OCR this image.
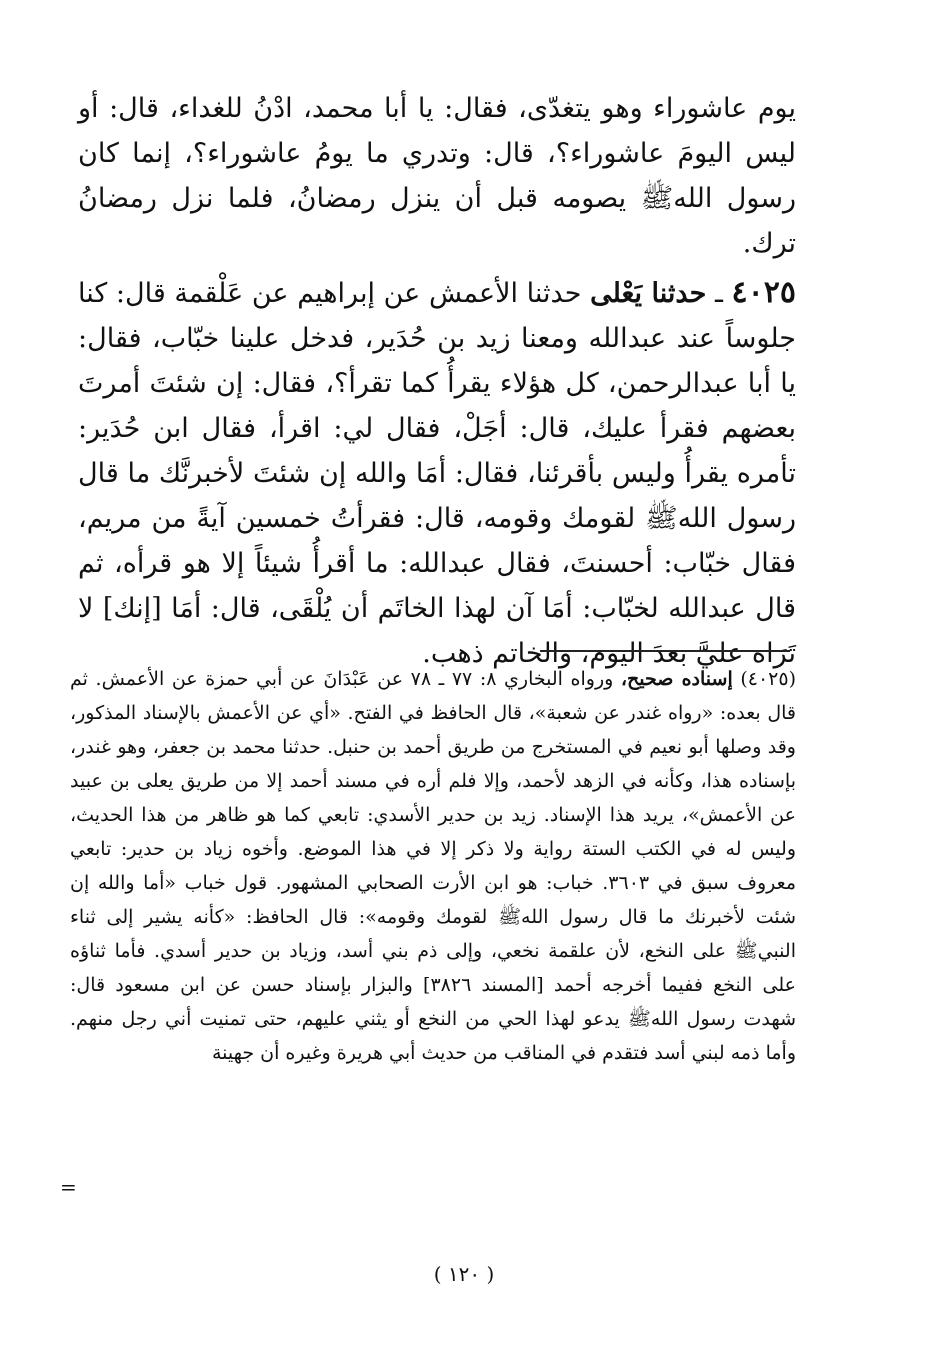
يوم عاشوراء وهو يتغدّى، فقال: يا أبا محمد، ادْنُ للغداء، قال: أو ليس اليومَ عاشوراء؟، قال: وتدري ما يومُ عاشوراء؟، إنما كان رسول اللهﷺ يصومه قبل أن ينزل رمضانُ، فلما نزل رمضانُ ترك.

٤٠٢٥ ـ حدثنا يَعْلى حدثنا الأعمش عن إبراهيم عن عَلْقمة قال: كنا جلوساً عند عبدالله ومعنا زيد بن حُدَير، فدخل علينا خبّاب، فقال: يا أبا عبدالرحمن، كل هؤلاء يقرأُ كما تقرأ؟، فقال: إن شئتَ أمرتَ بعضهم فقرأ عليك، قال: أجَلْ، فقال لي: اقرأ، فقال ابن حُدَير: تأمره يقرأُ وليس بأقرئنا، فقال: أمَا والله إن شئتَ لأخبرنَّك ما قال رسول اللهﷺ لقومك وقومه، قال: فقرأتُ خمسين آيةً من مريم، فقال خبّاب: أحسنتَ، فقال عبدالله: ما أقرأُ شيئاً إلا هو قرأه، ثم قال عبدالله لخبّاب: أمَا آن لهذا الخاتَم أن يُلْقَى، قال: أمَا [إنك] لا تَرَاه عليَّ بعدَ اليوم، والخاتم ذهب.

(٤٠٢٥) إسناده صحيح، ورواه البخاري ٨: ٧٧ ـ ٧٨ عن عَبْدَانَ عن أبي حمزة عن الأعمش. ثم قال بعده: «رواه غندر عن شعبة»، قال الحافظ في الفتح. «أي عن الأعمش بالإسناد المذكور، وقد وصلها أبو نعيم في المستخرج من طريق أحمد بن حنبل. حدثنا محمد بن جعفر، وهو غندر، بإسناده هذا، وكأنه في الزهد لأحمد، وإلا فلم أره في مسند أحمد إلا من طريق يعلى بن عبيد عن الأعمش»، يريد هذا الإسناد. زيد بن حدير الأسدي: تابعي كما هو ظاهر من هذا الحديث، وليس له في الكتب الستة رواية ولا ذكر إلا في هذا الموضع. وأخوه زياد بن حدير: تابعي معروف سبق في ٣٦٠٣. خباب: هو ابن الأرت الصحابي المشهور. قول خباب «أما والله إن شئت لأخبرنك ما قال رسول اللهﷺ لقومك وقومه»: قال الحافظ: «كأنه يشير إلى ثناء النبيﷺ على النخع، لأن علقمة نخعي، وإلى ذم بني أسد، وزياد بن حدير أسدي. فأما ثناؤه على النخع ففيما أخرجه أحمد [المسند ٣٨٢٦] والبزار بإسناد حسن عن ابن مسعود قال: شهدت رسول اللهﷺ يدعو لهذا الحي من النخع أو يثني عليهم، حتى تمنيت أني رجل منهم. وأما ذمه لبني أسد فتقدم في المناقب من حديث أبي هريرة وغيره أن جهينة

=
( ١٢٠ )
